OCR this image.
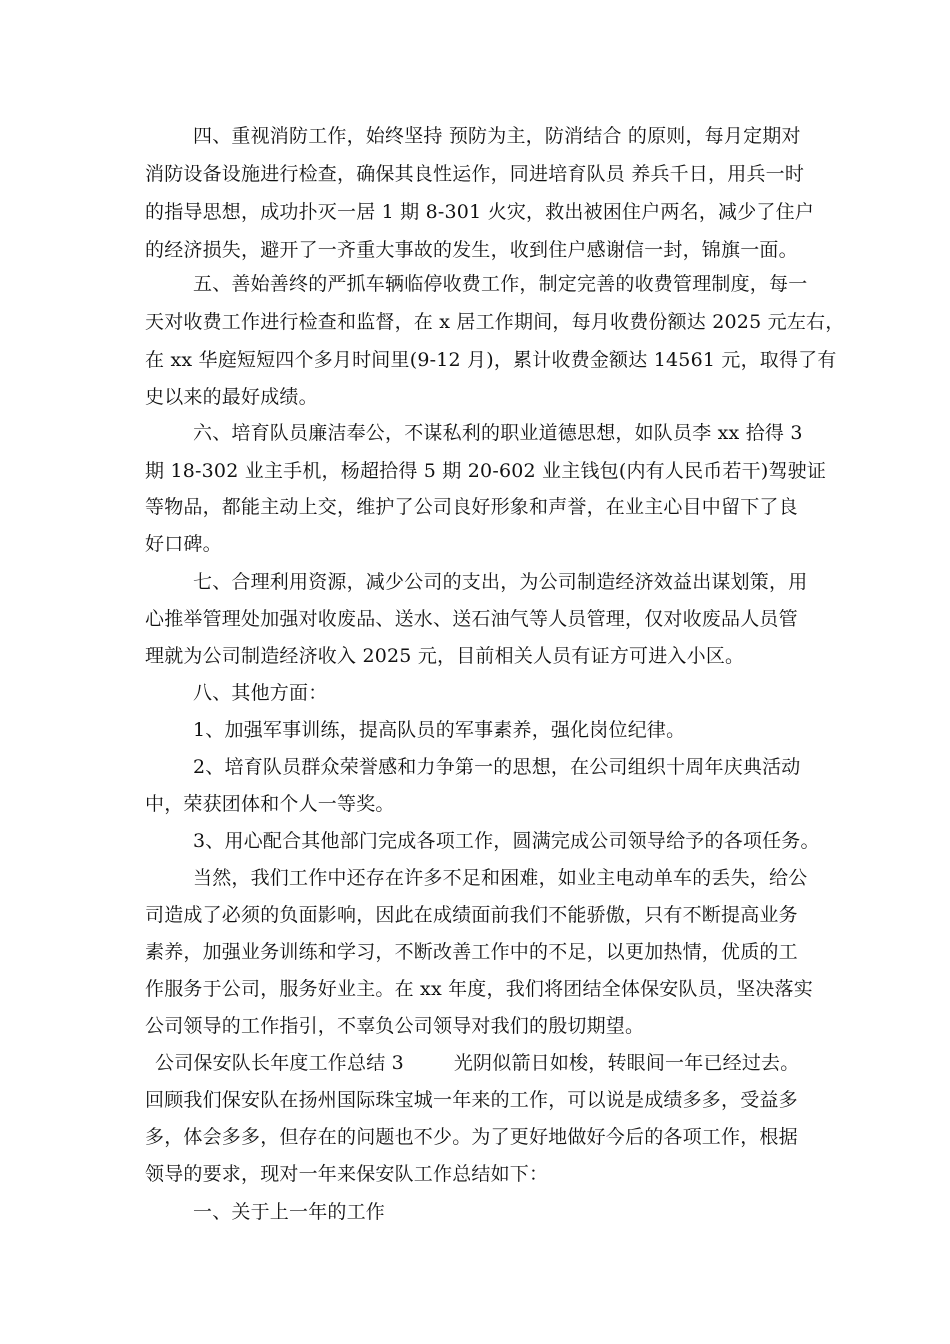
四、重视消防工作，始终坚持 预防为主，防消结合 的原则，每月定期对
消防设备设施进行检查，确保其良性运作，同进培育队员 养兵千日，用兵一时
的指导思想，成功扑灭一居 1 期 8-301 火灾，救出被困住户两名，减少了住户
的经济损失，避开了一齐重大事故的发生，收到住户感谢信一封，锦旗一面。
五、善始善终的严抓车辆临停收费工作，制定完善的收费管理制度，每一
天对收费工作进行检查和监督，在 x 居工作期间，每月收费份额达 2025 元左右，
在 xx 华庭短短四个多月时间里(9-12 月)，累计收费金额达 14561 元，取得了有
史以来的最好成绩。
六、培育队员廉洁奉公，不谋私利的职业道德思想，如队员李 xx 拾得 3
期 18-302 业主手机，杨超拾得 5 期 20-602 业主钱包(内有人民币若干)驾驶证
等物品，都能主动上交，维护了公司良好形象和声誉，在业主心目中留下了良
好口碑。
七、合理利用资源，减少公司的支出，为公司制造经济效益出谋划策，用
心推举管理处加强对收废品、送水、送石油气等人员管理，仅对收废品人员管
理就为公司制造经济收入 2025 元，目前相关人员有证方可进入小区。
八、其他方面：
1、加强军事训练，提高队员的军事素养，强化岗位纪律。
2、培育队员群众荣誉感和力争第一的思想，在公司组织十周年庆典活动
中，荣获团体和个人一等奖。
3、用心配合其他部门完成各项工作，圆满完成公司领导给予的各项任务。
当然，我们工作中还存在许多不足和困难，如业主电动单车的丢失，给公
司造成了必须的负面影响，因此在成绩面前我们不能骄傲，只有不断提高业务
素养，加强业务训练和学习，不断改善工作中的不足，以更加热情，优质的工
作服务于公司，服务好业主。在 xx 年度，我们将团结全体保安队员，坚决落实
公司领导的工作指引，不辜负公司领导对我们的殷切期望。
公司保安队长年度工作总结 3        光阴似箭日如梭，转眼间一年已经过去。
回顾我们保安队在扬州国际珠宝城一年来的工作，可以说是成绩多多，受益多
多，体会多多，但存在的问题也不少。为了更好地做好今后的各项工作，根据
领导的要求，现对一年来保安队工作总结如下：
一、关于上一年的工作
